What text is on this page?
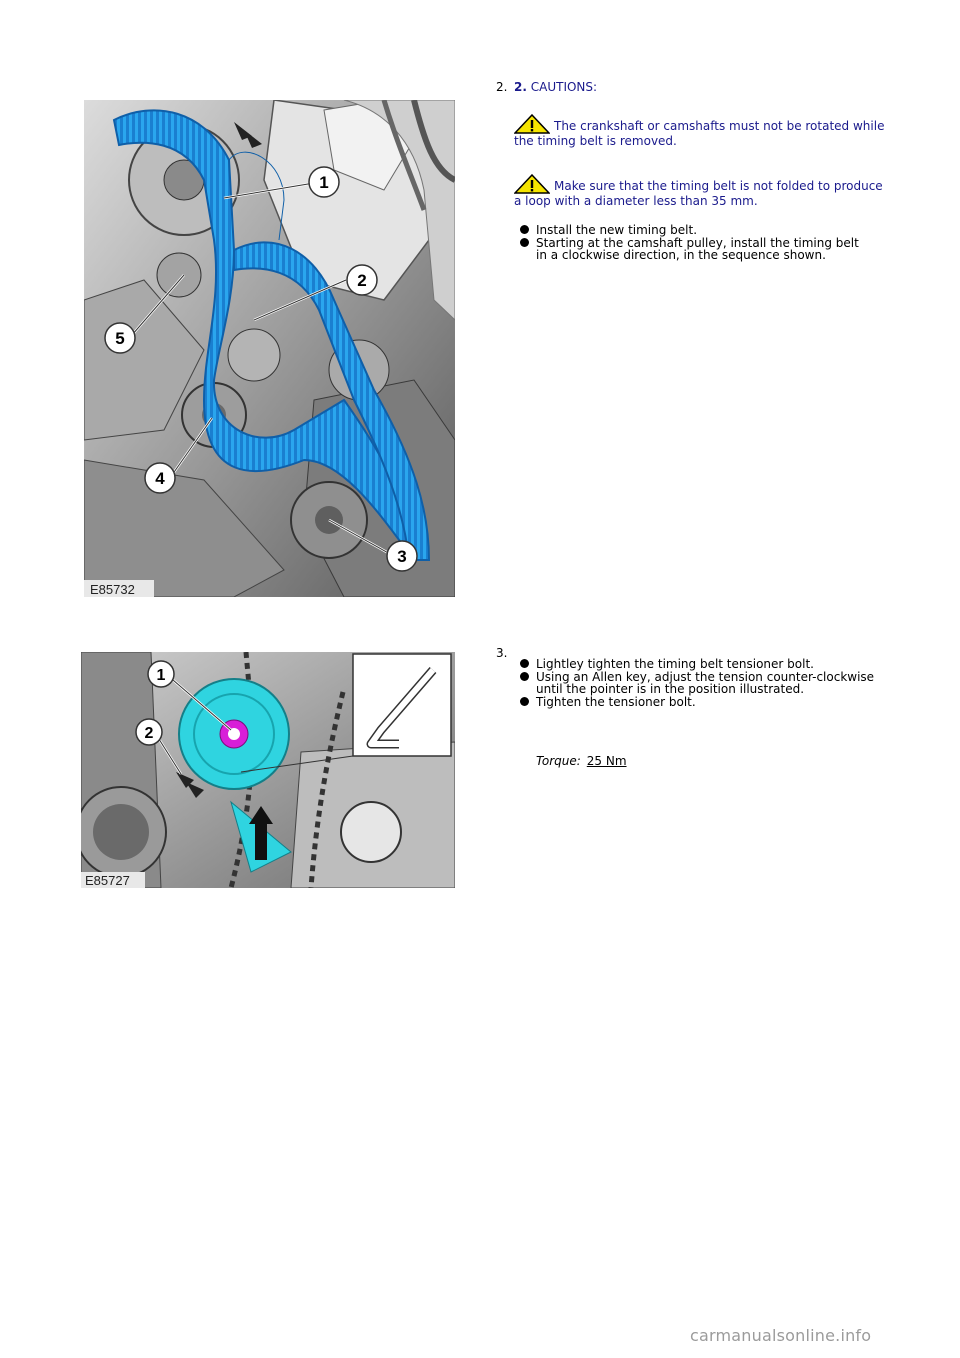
1
2
3
4
5
E85732
2. 2. CAUTIONS:
The crankshaft or camshafts must not be rotated while the timing belt is removed.
Make sure that the timing belt is not folded to produce a loop with a diameter less than 35 mm.
Install the new timing belt.
Starting at the camshaft pulley, install the timing belt in a clockwise direction, in the sequence shown.
1
2
E85727
3.
Lightley tighten the timing belt tensioner bolt.
Using an Allen key, adjust the tension counter-clockwise until the pointer is in the position illustrated.
Tighten the tensioner bolt.
Torque: 25 Nm
carmanualsonline.info
